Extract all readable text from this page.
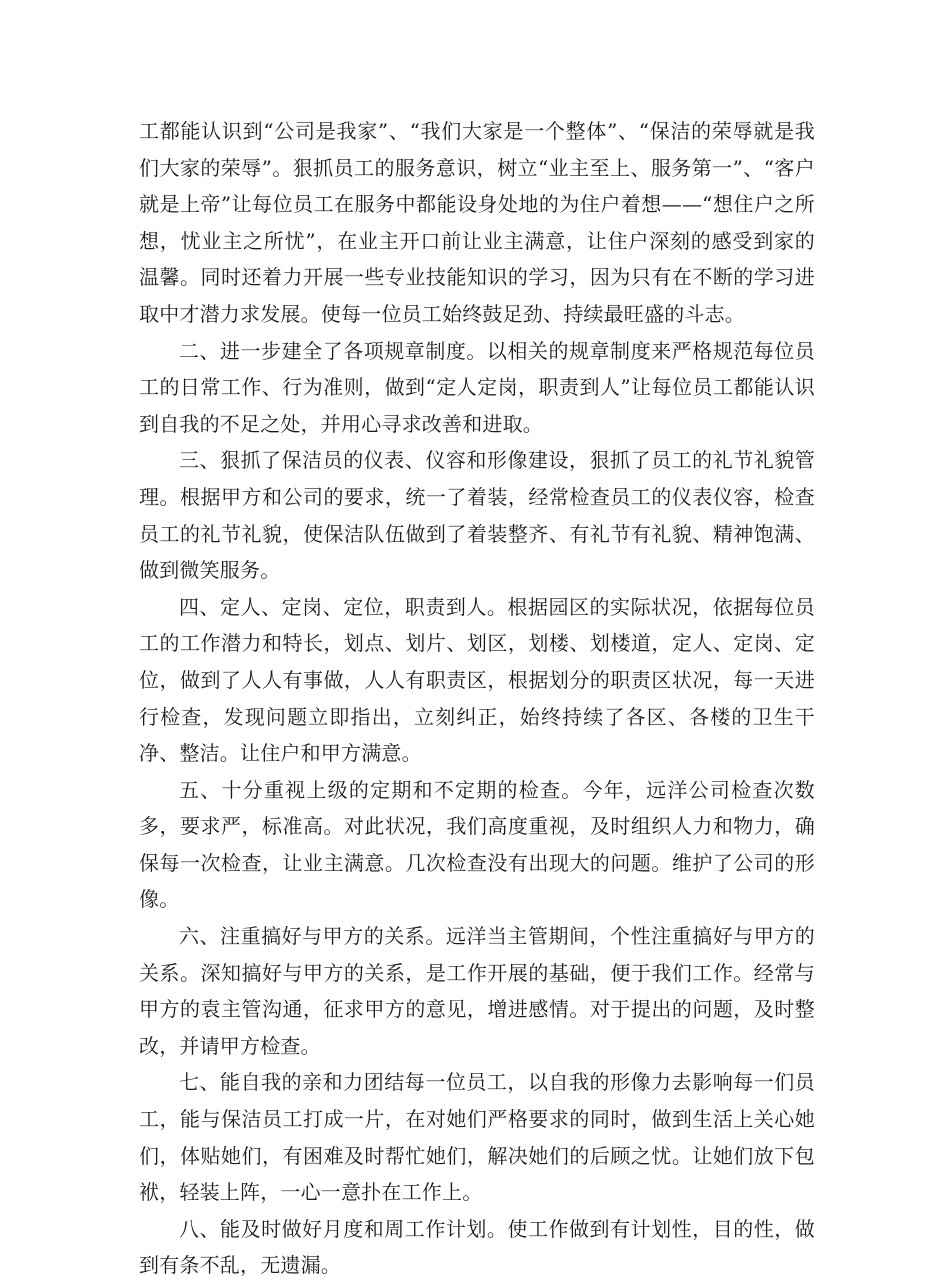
工都能认识到“公司是我家”、“我们大家是一个整体”、“保洁的荣辱就是我们大家的荣辱”。狠抓员工的服务意识，树立“业主至上、服务第一”、“客户就是上帝”让每位员工在服务中都能设身处地的为住户着想——“想住户之所想，忧业主之所忧”，在业主开口前让业主满意，让住户深刻的感受到家的温馨。同时还着力开展一些专业技能知识的学习，因为只有在不断的学习进取中才潜力求发展。使每一位员工始终鼓足劲、持续最旺盛的斗志。

二、进一步建全了各项规章制度。以相关的规章制度来严格规范每位员工的日常工作、行为准则，做到“定人定岗，职责到人”让每位员工都能认识到自我的不足之处，并用心寻求改善和进取。

三、狠抓了保洁员的仪表、仪容和形像建设，狠抓了员工的礼节礼貌管理。根据甲方和公司的要求，统一了着装，经常检查员工的仪表仪容，检查员工的礼节礼貌，使保洁队伍做到了着装整齐、有礼节有礼貌、精神饱满、做到微笑服务。

四、定人、定岗、定位，职责到人。根据园区的实际状况，依据每位员工的工作潜力和特长，划点、划片、划区，划楼、划楼道，定人、定岗、定位，做到了人人有事做，人人有职责区，根据划分的职责区状况，每一天进行检查，发现问题立即指出，立刻纠正，始终持续了各区、各楼的卫生干净、整洁。让住户和甲方满意。

五、十分重视上级的定期和不定期的检查。今年，远洋公司检查次数多，要求严，标准高。对此状况，我们高度重视，及时组织人力和物力，确保每一次检查，让业主满意。几次检查没有出现大的问题。维护了公司的形像。

六、注重搞好与甲方的关系。远洋当主管期间，个性注重搞好与甲方的关系。深知搞好与甲方的关系，是工作开展的基础，便于我们工作。经常与甲方的袁主管沟通，征求甲方的意见，增进感情。对于提出的问题，及时整改，并请甲方检查。

七、能自我的亲和力团结每一位员工，以自我的形像力去影响每一们员工，能与保洁员工打成一片，在对她们严格要求的同时，做到生活上关心她们，体贴她们，有困难及时帮忙她们，解决她们的后顾之忧。让她们放下包袱，轻装上阵，一心一意扑在工作上。

八、能及时做好月度和周工作计划。使工作做到有计划性，目的性，做到有条不乱，无遗漏。
